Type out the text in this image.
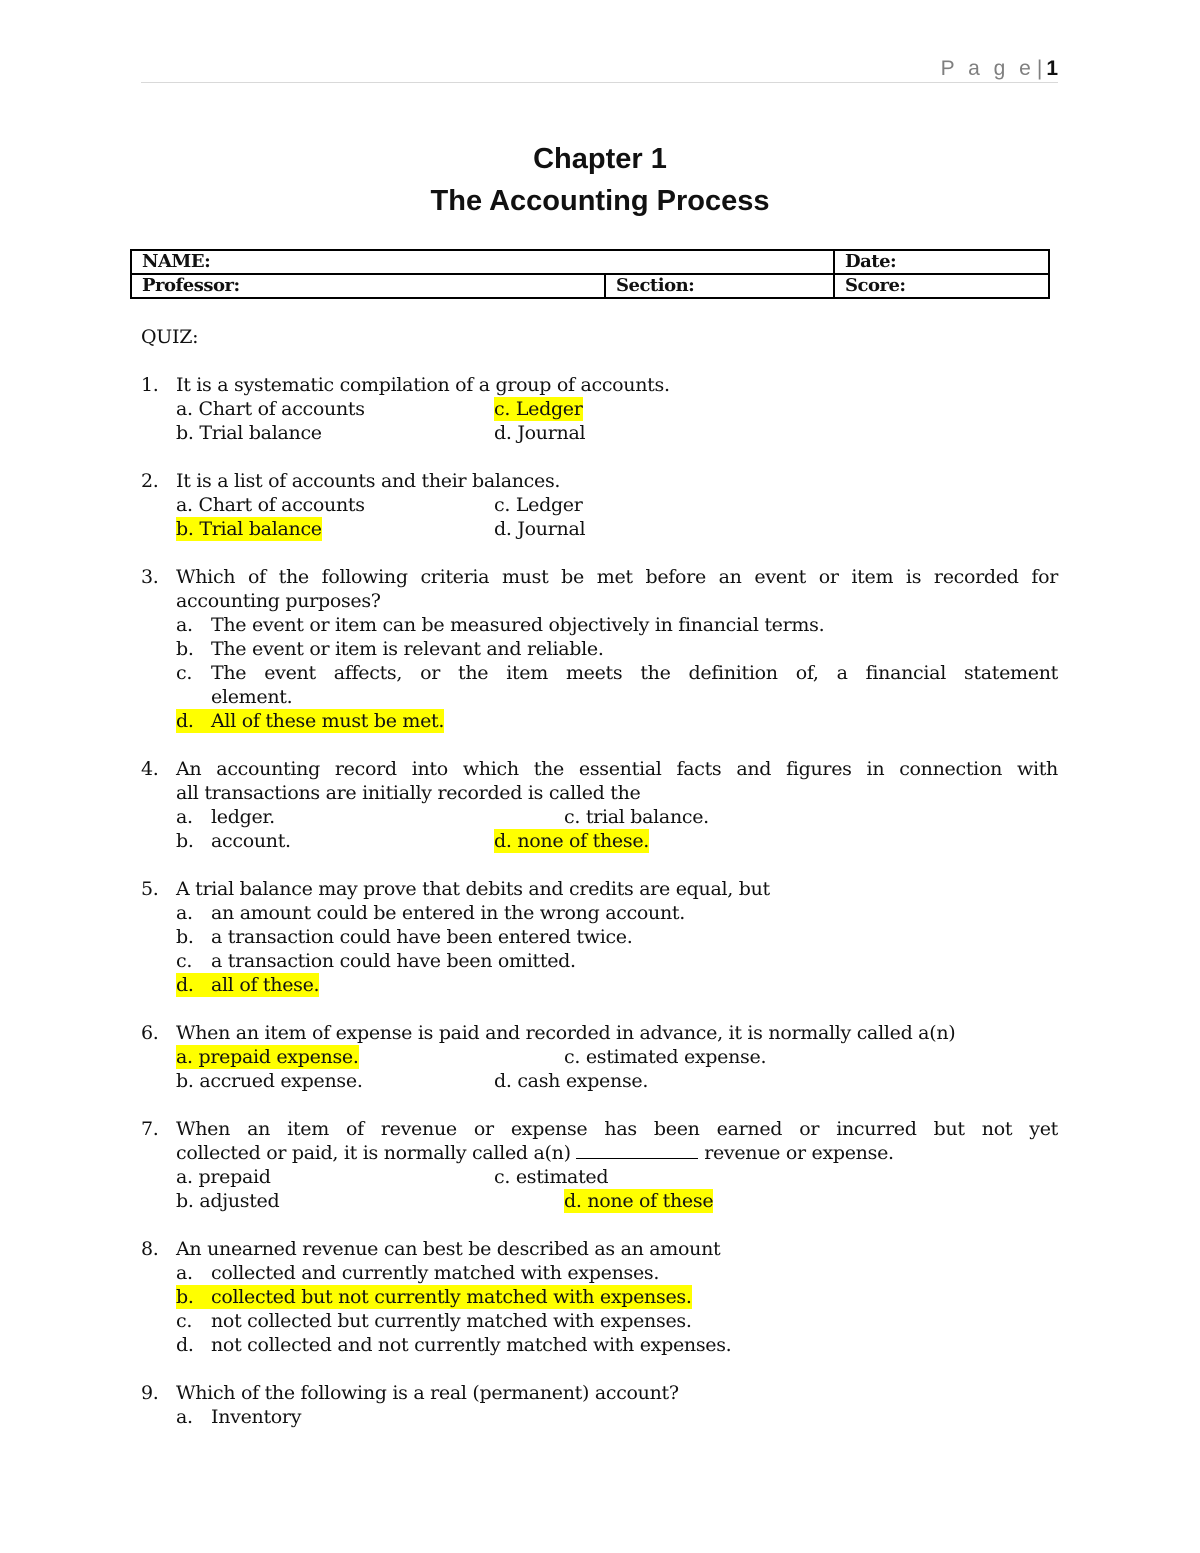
P a g e| 1
Chapter 1
The Accounting Process
NAME:		Date:
Professor:	Section:	Score:
QUIZ:
1. It is a systematic compilation of a group of accounts.
a. Chart of accounts	c. Ledger
b. Trial balance	d. Journal
2. It is a list of accounts and their balances.
a. Chart of accounts	c. Ledger
b. Trial balance	d. Journal
3. Which of the following criteria must be met before an event or item is recorded for
accounting purposes?
a. The event or item can be measured objectively in financial terms.
b. The event or item is relevant and reliable.
c. The event affects, or the item meets the definition of, a financial statement
element.
d. All of these must be met.
4. An accounting record into which the essential facts and figures in connection with
all transactions are initially recorded is called the
a. ledger.	c. trial balance.
b. account.	d. none of these.
5. A trial balance may prove that debits and credits are equal, but
a. an amount could be entered in the wrong account.
b. a transaction could have been entered twice.
c. a transaction could have been omitted.
d. all of these.
6. When an item of expense is paid and recorded in advance, it is normally called a(n)
a. prepaid expense.	c. estimated expense.
b. accrued expense.	d. cash expense.
7. When an item of revenue or expense has been earned or incurred but not yet
collected or paid, it is normally called a(n)	revenue or expense.
a. prepaid	c. estimated
b. adjusted	d. none of these
8. An unearned revenue can best be described as an amount
a. collected and currently matched with expenses.
b. collected but not currently matched with expenses.
c. not collected but currently matched with expenses.
d. not collected and not currently matched with expenses.
9. Which of the following is a real (permanent) account?
a. Inventory
